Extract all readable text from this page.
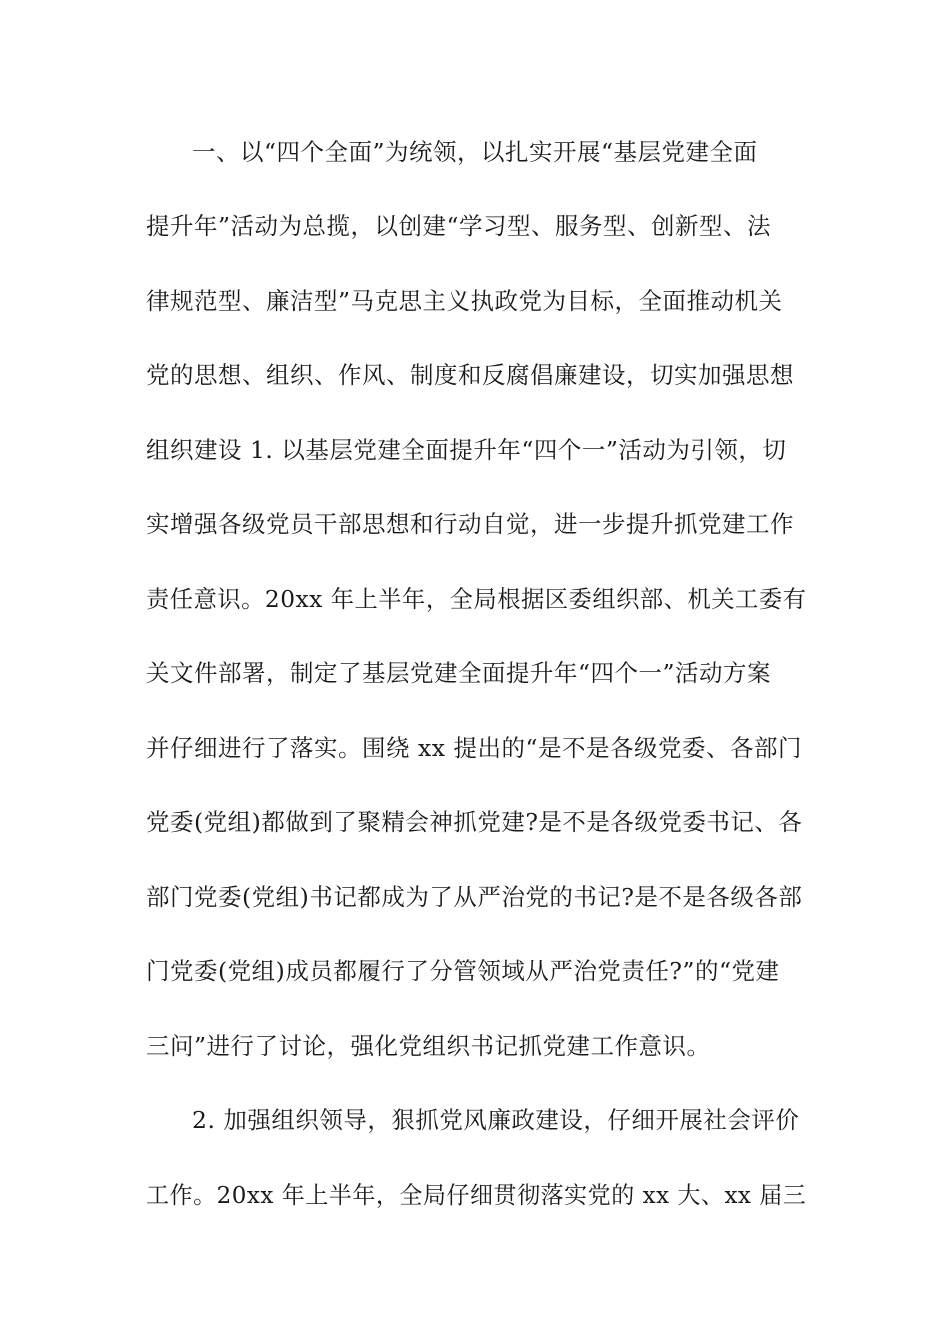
一、以“四个全面”为统领，以扎实开展“基层党建全面
提升年”活动为总揽，以创建“学习型、服务型、创新型、法
律规范型、廉洁型”马克思主义执政党为目标，全面推动机关
党的思想、组织、作风、制度和反腐倡廉建设，切实加强思想
组织建设 1. 以基层党建全面提升年“四个一”活动为引领，切
实增强各级党员干部思想和行动自觉，进一步提升抓党建工作
责任意识。20xx 年上半年，全局根据区委组织部、机关工委有
关文件部署，制定了基层党建全面提升年“四个一”活动方案
并仔细进行了落实。围绕 xx 提出的“是不是各级党委、各部门
党委(党组)都做到了聚精会神抓党建?是不是各级党委书记、各
部门党委(党组)书记都成为了从严治党的书记?是不是各级各部
门党委(党组)成员都履行了分管领域从严治党责任?”的“党建
三问”进行了讨论，强化党组织书记抓党建工作意识。
2. 加强组织领导，狠抓党风廉政建设，仔细开展社会评价
工作。20xx 年上半年，全局仔细贯彻落实党的 xx 大、xx 届三
